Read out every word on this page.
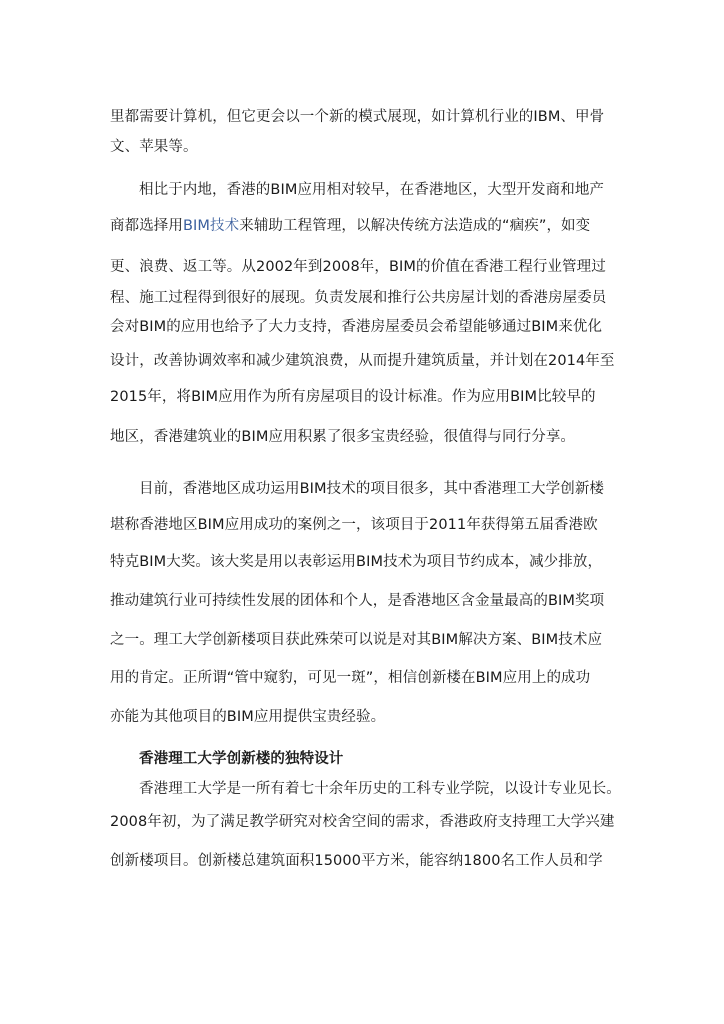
里都需要计算机，但它更会以一个新的模式展现，如计算机行业的IBM、甲骨
文、苹果等。
相比于内地，香港的BIM应用相对较早，在香港地区，大型开发商和地产
商都选择用BIM技术来辅助工程管理，以解决传统方法造成的“痼疾”，如变
更、浪费、返工等。从2002年到2008年，BIM的价值在香港工程行业管理过
程、施工过程得到很好的展现。负责发展和推行公共房屋计划的香港房屋委员
会对BIM的应用也给予了大力支持，香港房屋委员会希望能够通过BIM来优化
设计，改善协调效率和减少建筑浪费，从而提升建筑质量，并计划在2014年至
2015年，将BIM应用作为所有房屋项目的设计标准。作为应用BIM比较早的
地区，香港建筑业的BIM应用积累了很多宝贵经验，很值得与同行分享。
目前，香港地区成功运用BIM技术的项目很多，其中香港理工大学创新楼
堪称香港地区BIM应用成功的案例之一，该项目于2011年获得第五届香港欧
特克BIM大奖。该大奖是用以表彰运用BIM技术为项目节约成本，减少排放，
推动建筑行业可持续性发展的团体和个人，是香港地区含金量最高的BIM奖项
之一。理工大学创新楼项目获此殊荣可以说是对其BIM解决方案、BIM技术应
用的肯定。正所谓“管中窥豹，可见一斑”，相信创新楼在BIM应用上的成功
亦能为其他项目的BIM应用提供宝贵经验。
香港理工大学创新楼的独特设计
香港理工大学是一所有着七十余年历史的工科专业学院，以设计专业见长。
2008年初，为了满足教学研究对校舍空间的需求，香港政府支持理工大学兴建
创新楼项目。创新楼总建筑面积15000平方米，能容纳1800名工作人员和学
